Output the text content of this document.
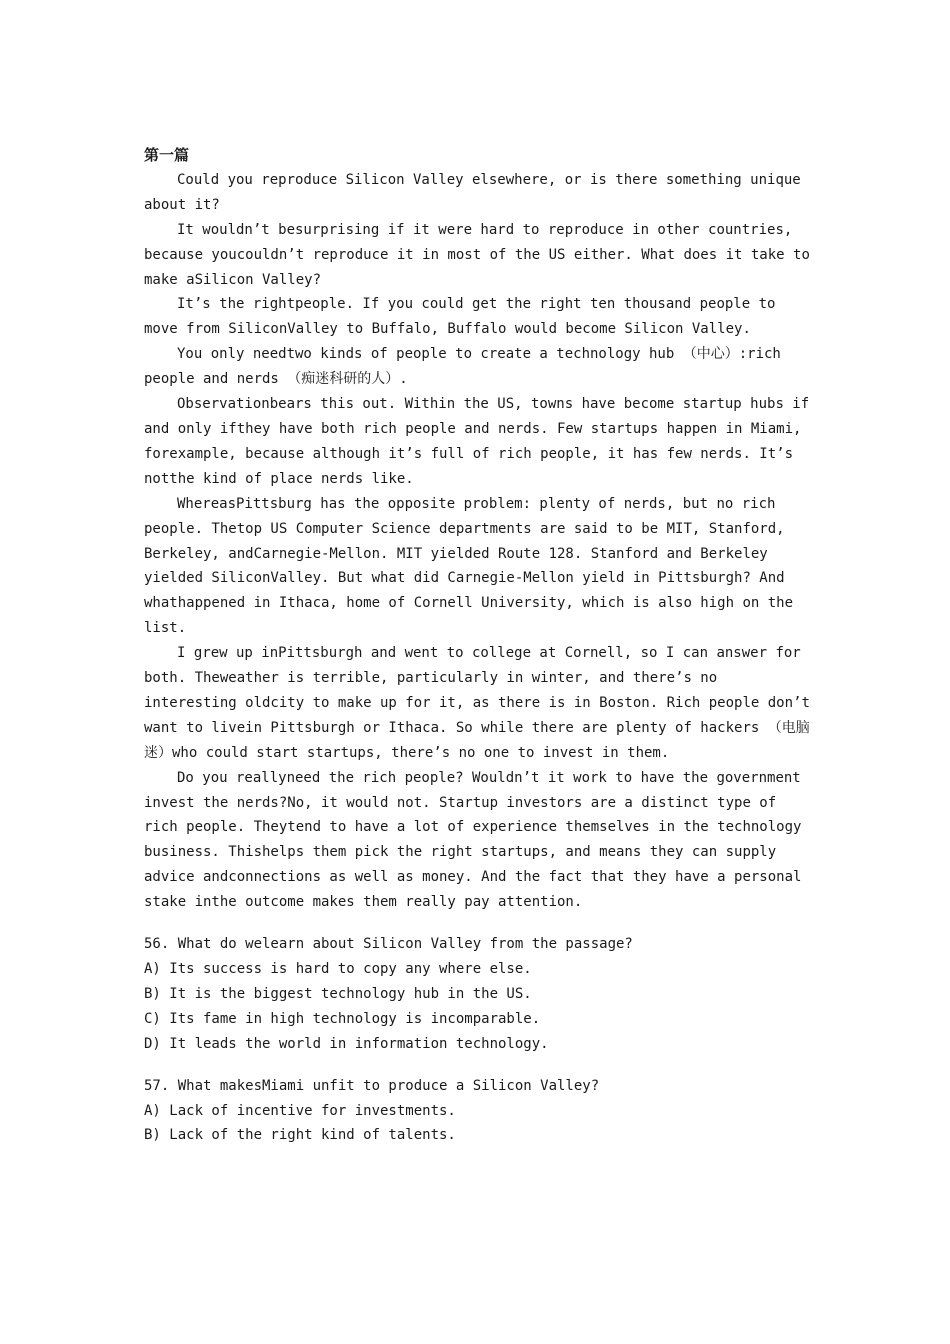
第一篇

Could you reproduce Silicon Valley elsewhere, or is there something unique about it?

It wouldn’t besurprising if it were hard to reproduce in other countries, because youcouldn’t reproduce it in most of the US either. What does it take to make aSilicon Valley?

It’s the rightpeople. If you could get the right ten thousand people to move from SiliconValley to Buffalo, Buffalo would become Silicon Valley.

You only needtwo kinds of people to create a technology hub （中心）:rich people and nerds （痴迷科研的人）.

Observationbears this out. Within the US, towns have become startup hubs if and only ifthey have both rich people and nerds. Few startups happen in Miami, forexample, because although it’s full of rich people, it has few nerds. It’s notthe kind of place nerds like.

WhereasPittsburg has the opposite problem: plenty of nerds, but no rich people. Thetop US Computer Science departments are said to be MIT, Stanford, Berkeley, andCarnegie-Mellon. MIT yielded Route 128. Stanford and Berkeley yielded SiliconValley. But what did Carnegie-Mellon yield in Pittsburgh? And whathappened in Ithaca, home of Cornell University, which is also high on the list.

I grew up inPittsburgh and went to college at Cornell, so I can answer for both. Theweather is terrible, particularly in winter, and there’s no interesting oldcity to make up for it, as there is in Boston. Rich people don’t want to livein Pittsburgh or Ithaca. So while there are plenty of hackers （电脑迷）who could start startups, there’s no one to invest in them.

Do you reallyneed the rich people? Wouldn’t it work to have the government invest the nerds?No, it would not. Startup investors are a distinct type of rich people. Theytend to have a lot of experience themselves in the technology business. Thishelps them pick the right startups, and means they can supply advice andconnections as well as money. And the fact that they have a personal stake inthe outcome makes them really pay attention.

56. What do welearn about Silicon Valley from the passage?

A) Its success is hard to copy any where else.

B) It is the biggest technology hub in the US.

C) Its fame in high technology is incomparable.

D) It leads the world in information technology.

57. What makesMiami unfit to produce a Silicon Valley?

A) Lack of incentive for investments.

B) Lack of the right kind of talents.
